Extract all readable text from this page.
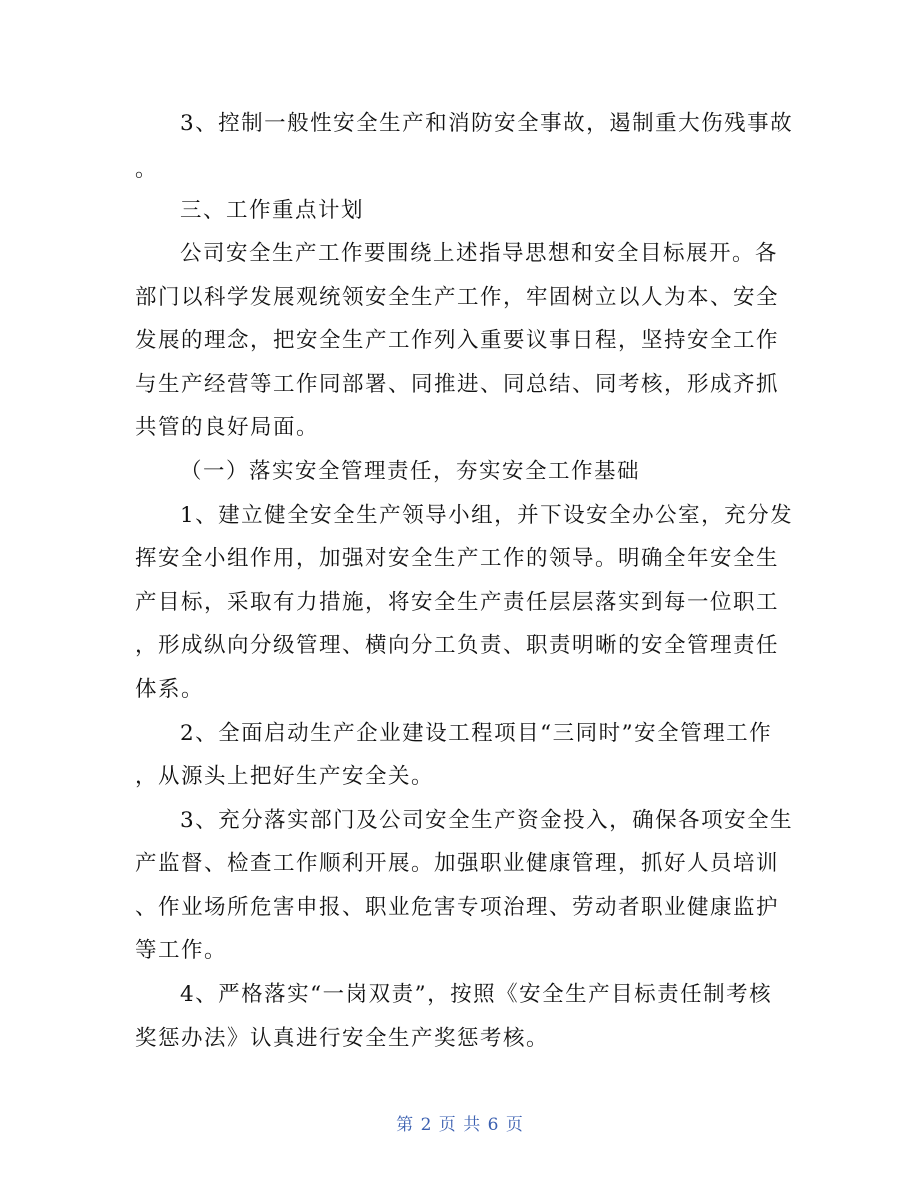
3、控制一般性安全生产和消防安全事故，遏制重大伤残事故

。

三、工作重点计划

公司安全生产工作要围绕上述指导思想和安全目标展开。各

部门以科学发展观统领安全生产工作，牢固树立以人为本、安全

发展的理念，把安全生产工作列入重要议事日程，坚持安全工作

与生产经营等工作同部署、同推进、同总结、同考核，形成齐抓

共管的良好局面。

（一）落实安全管理责任，夯实安全工作基础

1、建立健全安全生产领导小组，并下设安全办公室，充分发

挥安全小组作用，加强对安全生产工作的领导。明确全年安全生

产目标，采取有力措施，将安全生产责任层层落实到每一位职工

，形成纵向分级管理、横向分工负责、职责明晰的安全管理责任

体系。

2、全面启动生产企业建设工程项目“三同时”安全管理工作

，从源头上把好生产安全关。

3、充分落实部门及公司安全生产资金投入，确保各项安全生

产监督、检查工作顺利开展。加强职业健康管理，抓好人员培训

、作业场所危害申报、职业危害专项治理、劳动者职业健康监护

等工作。

4、严格落实“一岗双责”，按照《安全生产目标责任制考核

奖惩办法》认真进行安全生产奖惩考核。

第 2 页 共 6 页
